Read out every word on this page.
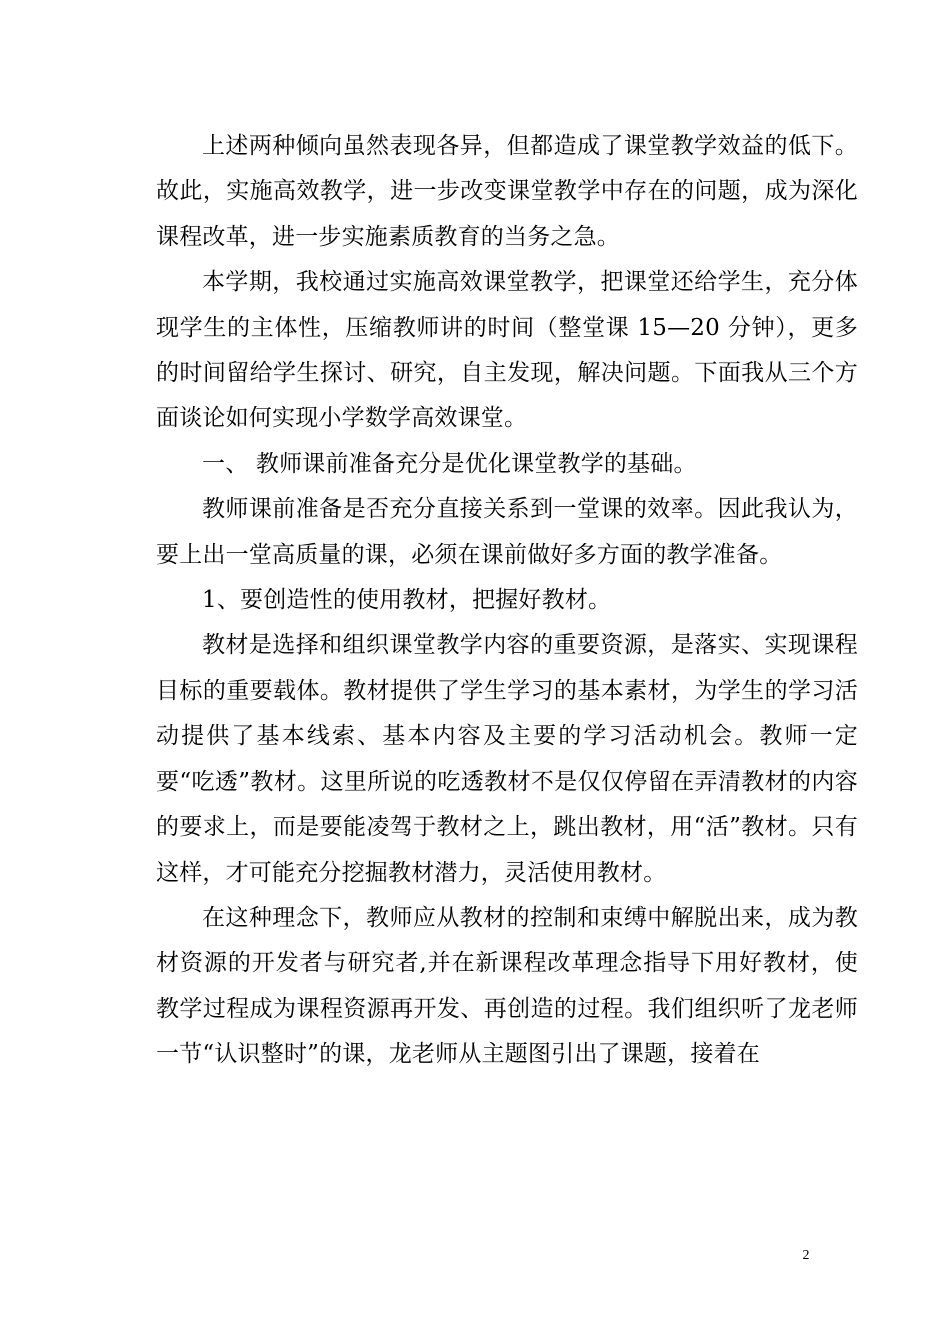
上述两种倾向虽然表现各异，但都造成了课堂教学效益的低下。故此，实施高效教学，进一步改变课堂教学中存在的问题，成为深化课程改革，进一步实施素质教育的当务之急。

本学期，我校通过实施高效课堂教学，把课堂还给学生，充分体现学生的主体性，压缩教师讲的时间（整堂课 15—20 分钟），更多的时间留给学生探讨、研究，自主发现，解决问题。下面我从三个方面谈论如何实现小学数学高效课堂。

一、 教师课前准备充分是优化课堂教学的基础。

教师课前准备是否充分直接关系到一堂课的效率。因此我认为，要上出一堂高质量的课，必须在课前做好多方面的教学准备。

1、要创造性的使用教材，把握好教材。

教材是选择和组织课堂教学内容的重要资源，是落实、实现课程目标的重要载体。教材提供了学生学习的基本素材，为学生的学习活动提供了基本线索、基本内容及主要的学习活动机会。教师一定要“吃透”教材。这里所说的吃透教材不是仅仅停留在弄清教材的内容的要求上，而是要能凌驾于教材之上，跳出教材，用“活”教材。只有这样，才可能充分挖掘教材潜力，灵活使用教材。

在这种理念下，教师应从教材的控制和束缚中解脱出来，成为教材资源的开发者与研究者,并在新课程改革理念指导下用好教材，使教学过程成为课程资源再开发、再创造的过程。我们组织听了龙老师一节“认识整时”的课，龙老师从主题图引出了课题，接着在

2
